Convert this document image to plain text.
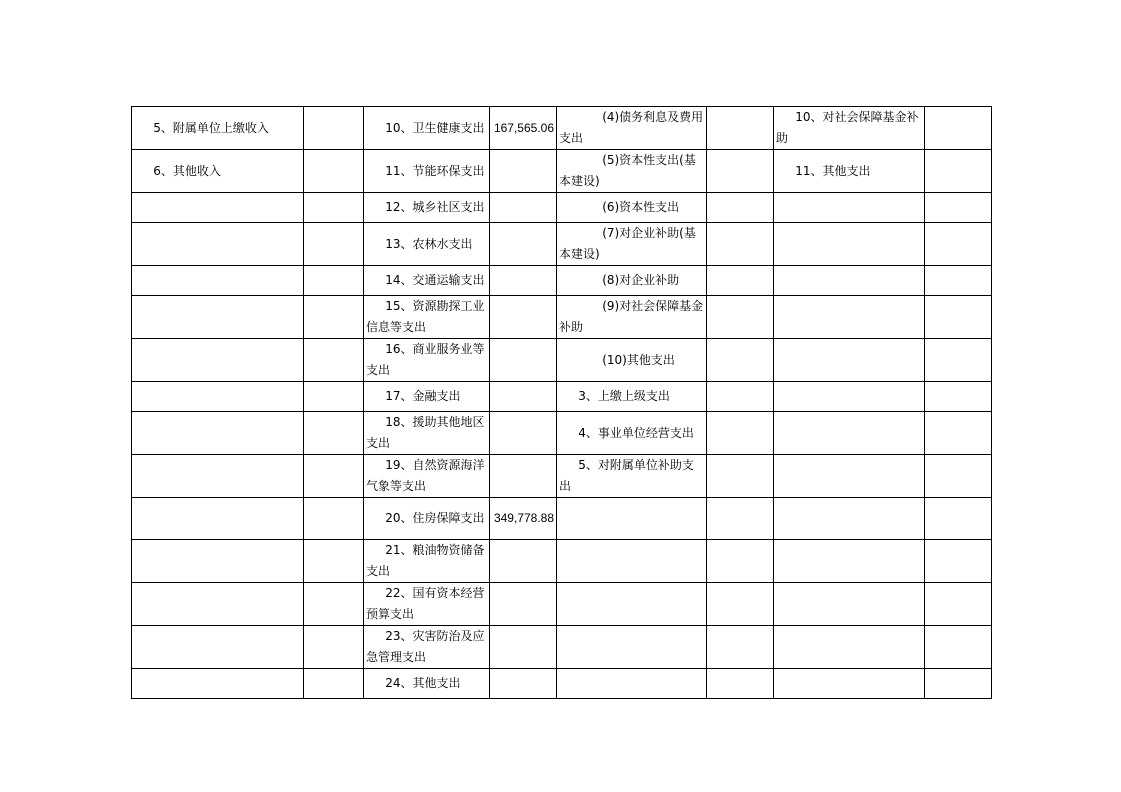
5、附属单位上缴收入		10、卫生健康支出	167,565.06	(4)债务利息及费用支出		10、对社会保障基金补助	
6、其他收入		11、节能环保支出		(5)资本性支出(基本建设)		11、其他支出	
		12、城乡社区支出		(6)资本性支出			
		13、农林水支出		(7)对企业补助(基本建设)			
		14、交通运输支出		(8)对企业补助			
		15、资源勘探工业信息等支出		(9)对社会保障基金补助			
		16、商业服务业等支出		(10)其他支出			
		17、金融支出		3、上缴上级支出			
		18、援助其他地区支出		4、事业单位经营支出			
		19、自然资源海洋气象等支出		5、对附属单位补助支出			
		20、住房保障支出	349,778.88				
		21、粮油物资储备支出					
		22、国有资本经营预算支出					
		23、灾害防治及应急管理支出					
		24、其他支出					
